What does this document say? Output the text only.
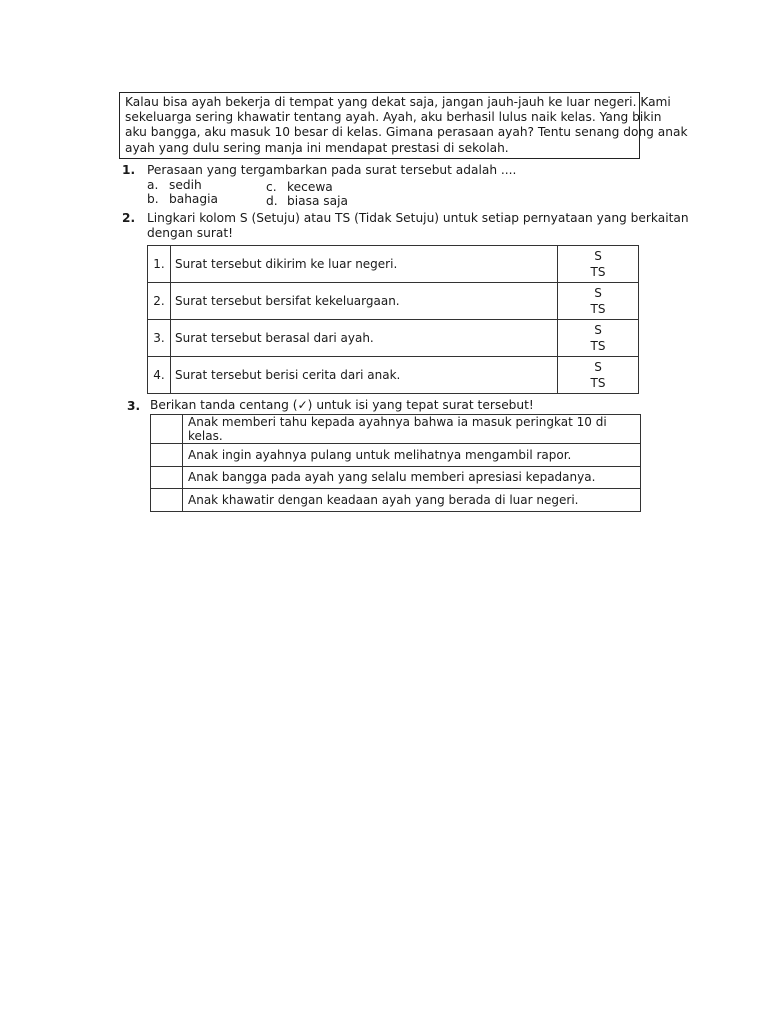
Kalau bisa ayah bekerja di tempat yang dekat saja, jangan jauh-jauh ke luar negeri. Kami
sekeluarga sering khawatir tentang ayah. Ayah, aku berhasil lulus naik kelas. Yang bikin
aku bangga, aku masuk 10 besar di kelas. Gimana perasaan ayah? Tentu senang dong anak
ayah yang dulu sering manja ini mendapat prestasi di sekolah.
1. Perasaan yang tergambarkan pada surat tersebut adalah ....
a. sedih
b. bahagia
c. kecewa
d. biasa saja
2. Lingkari kolom S (Setuju) atau TS (Tidak Setuju) untuk setiap pernyataan yang berkaitan
dengan surat!
1.	Surat tersebut dikirim ke luar negeri.	S
TS

2.	Surat tersebut bersifat kekeluargaan.	S
TS

3.	Surat tersebut berasal dari ayah.	S
TS

4.	Surat tersebut berisi cerita dari anak.	S
TS
3. Berikan tanda centang (✓) untuk isi yang tepat surat tersebut!
	Anak memberi tahu kepada ayahnya bahwa ia masuk peringkat 10 di kelas.
	Anak ingin ayahnya pulang untuk melihatnya mengambil rapor.
	Anak bangga pada ayah yang selalu memberi apresiasi kepadanya.
	Anak khawatir dengan keadaan ayah yang berada di luar negeri.
